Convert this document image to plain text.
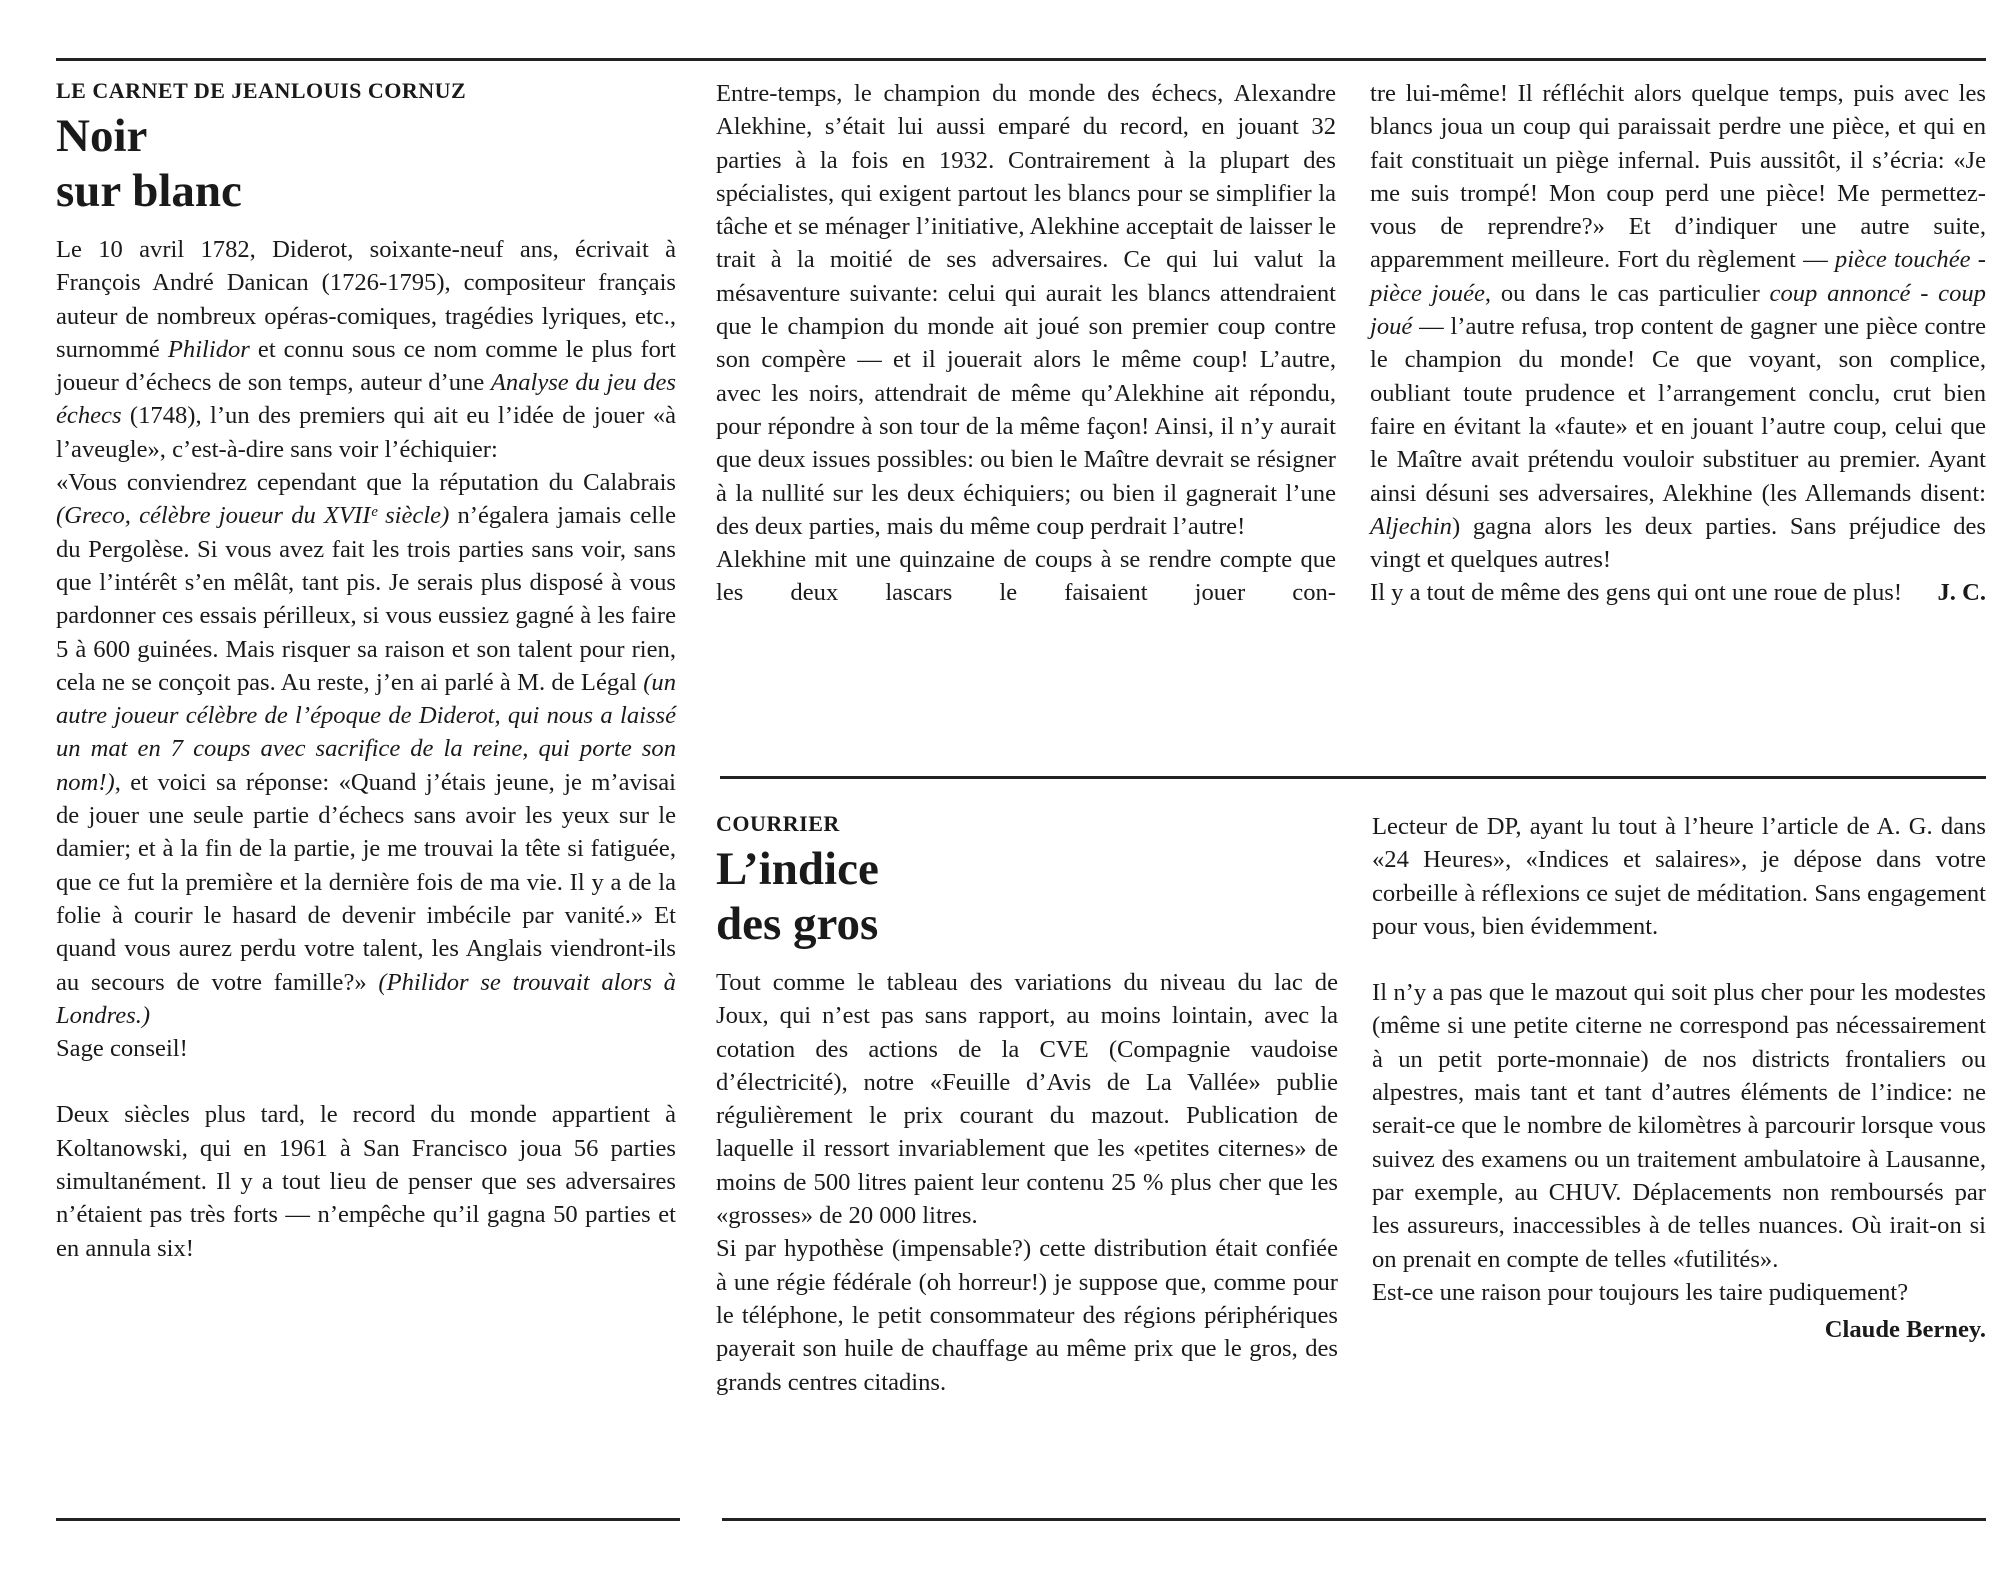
LE CARNET DE JEANLOUIS CORNUZ
Noir
sur blanc

Le 10 avril 1782, Diderot, soixante-neuf ans, écrivait à François André Danican (1726-1795), compositeur français auteur de nombreux opéras-comiques, tragédies lyriques, etc., surnommé Philidor et connu sous ce nom comme le plus fort joueur d’échecs de son temps, auteur d’une Analyse du jeu des échecs (1748), l’un des premiers qui ait eu l’idée de jouer «à l’aveugle», c’est-à-dire sans voir l’échiquier:

«Vous conviendrez cependant que la réputation du Calabrais (Greco, célèbre joueur du XVIIᵉ siècle) n’égalera jamais celle du Pergolèse. Si vous avez fait les trois parties sans voir, sans que l’intérêt s’en mêlât, tant pis. Je serais plus disposé à vous pardonner ces essais périlleux, si vous eussiez gagné à les faire 5 à 600 guinées. Mais risquer sa raison et son talent pour rien, cela ne se conçoit pas. Au reste, j’en ai parlé à M. de Légal (un autre joueur célèbre de l’époque de Diderot, qui nous a laissé un mat en 7 coups avec sacrifice de la reine, qui porte son nom!), et voici sa réponse: «Quand j’étais jeune, je m’avisai de jouer une seule partie d’échecs sans avoir les yeux sur le damier; et à la fin de la partie, je me trouvai la tête si fatiguée, que ce fut la première et la dernière fois de ma vie. Il y a de la folie à courir le hasard de devenir imbécile par vanité.» Et quand vous aurez perdu votre talent, les Anglais viendront-ils au secours de votre famille?» (Philidor se trouvait alors à Londres.)

Sage conseil!

Deux siècles plus tard, le record du monde appartient à Koltanowski, qui en 1961 à San Francisco joua 56 parties simultanément. Il y a tout lieu de penser que ses adversaires n’étaient pas très forts — n’empêche qu’il gagna 50 parties et en annula six!

Entre-temps, le champion du monde des échecs, Alexandre Alekhine, s’était lui aussi emparé du record, en jouant 32 parties à la fois en 1932. Contrairement à la plupart des spécialistes, qui exigent partout les blancs pour se simplifier la tâche et se ménager l’initiative, Alekhine acceptait de laisser le trait à la moitié de ses adversaires. Ce qui lui valut la mésaventure suivante: celui qui aurait les blancs attendraient que le champion du monde ait joué son premier coup contre son compère — et il jouerait alors le même coup! L’autre, avec les noirs, attendrait de même qu’Alekhine ait répondu, pour répondre à son tour de la même façon! Ainsi, il n’y aurait que deux issues possibles: ou bien le Maître devrait se résigner à la nullité sur les deux échiquiers; ou bien il gagnerait l’une des deux parties, mais du même coup perdrait l’autre!

Alekhine mit une quinzaine de coups à se rendre compte que les deux lascars le faisaient jouer con-

tre lui-même! Il réfléchit alors quelque temps, puis avec les blancs joua un coup qui paraissait perdre une pièce, et qui en fait constituait un piège infernal. Puis aussitôt, il s’écria: «Je me suis trompé! Mon coup perd une pièce! Me permettez-vous de reprendre?» Et d’indiquer une autre suite, apparemment meilleure. Fort du règlement — pièce touchée - pièce jouée, ou dans le cas particulier coup annoncé - coup joué — l’autre refusa, trop content de gagner une pièce contre le champion du monde! Ce que voyant, son complice, oubliant toute prudence et l’arrangement conclu, crut bien faire en évitant la «faute» et en jouant l’autre coup, celui que le Maître avait prétendu vouloir substituer au premier. Ayant ainsi désuni ses adversaires, Alekhine (les Allemands disent: Aljechin) gagna alors les deux parties. Sans préjudice des vingt et quelques autres!

Il y a tout de même des gens qui ont une roue de plus! J. C.

COURRIER
L’indice
des gros

Tout comme le tableau des variations du niveau du lac de Joux, qui n’est pas sans rapport, au moins lointain, avec la cotation des actions de la CVE (Compagnie vaudoise d’électricité), notre «Feuille d’Avis de La Vallée» publie régulièrement le prix courant du mazout. Publication de laquelle il ressort invariablement que les «petites citernes» de moins de 500 litres paient leur contenu 25 % plus cher que les «grosses» de 20 000 litres.

Si par hypothèse (impensable?) cette distribution était confiée à une régie fédérale (oh horreur!) je suppose que, comme pour le téléphone, le petit consommateur des régions périphériques payerait son huile de chauffage au même prix que le gros, des grands centres citadins.

Lecteur de DP, ayant lu tout à l’heure l’article de A. G. dans «24 Heures», «Indices et salaires», je dépose dans votre corbeille à réflexions ce sujet de méditation. Sans engagement pour vous, bien évidemment.

Il n’y a pas que le mazout qui soit plus cher pour les modestes (même si une petite citerne ne correspond pas nécessairement à un petit porte-monnaie) de nos districts frontaliers ou alpestres, mais tant et tant d’autres éléments de l’indice: ne serait-ce que le nombre de kilomètres à parcourir lorsque vous suivez des examens ou un traitement ambulatoire à Lausanne, par exemple, au CHUV. Déplacements non remboursés par les assureurs, inaccessibles à de telles nuances. Où irait-on si on prenait en compte de telles «futilités».

Est-ce une raison pour toujours les taire pudiquement?

Claude Berney.
